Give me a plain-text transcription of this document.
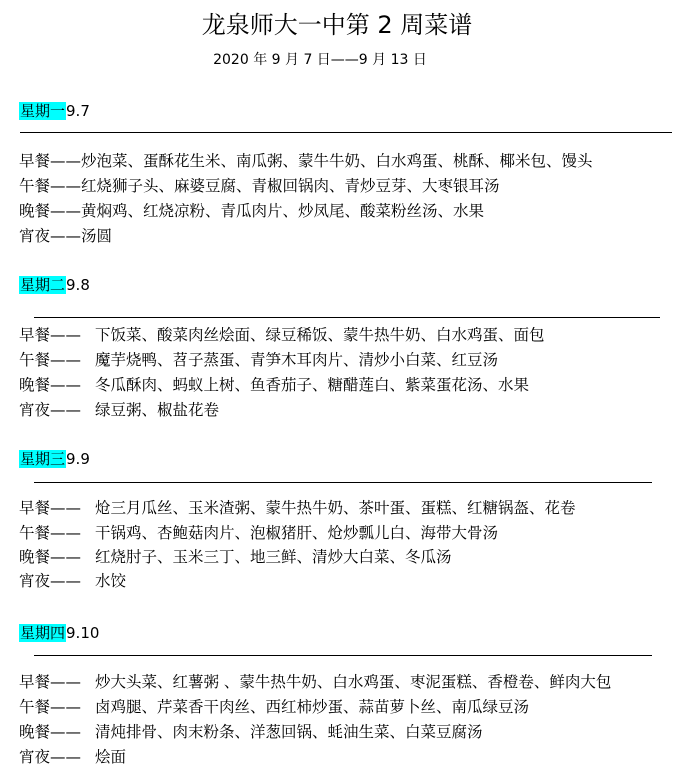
龙泉师大一中第 2 周菜谱
2020 年 9 月 7 日——9 月 13 日
星期一9.7
早餐——炒泡菜、蛋酥花生米、南瓜粥、蒙牛牛奶、白水鸡蛋、桃酥、椰米包、馒头
午餐——红烧狮子头、麻婆豆腐、青椒回锅肉、青炒豆芽、大枣银耳汤
晚餐——黄焖鸡、红烧凉粉、青瓜肉片、炒凤尾、酸菜粉丝汤、水果
宵夜——汤圆
星期二9.8
早餐—— 下饭菜、酸菜肉丝烩面、绿豆稀饭、蒙牛热牛奶、白水鸡蛋、面包
午餐—— 魔芋烧鸭、苕子蒸蛋、青笋木耳肉片、清炒小白菜、红豆汤
晚餐—— 冬瓜酥肉、蚂蚁上树、鱼香茄子、糖醋莲白、紫菜蛋花汤、水果
宵夜—— 绿豆粥、椒盐花卷
星期三9.9
早餐—— 炝三月瓜丝、玉米渣粥、蒙牛热牛奶、茶叶蛋、蛋糕、红糖锅盔、花卷
午餐—— 干锅鸡、杏鲍菇肉片、泡椒猪肝、炝炒瓢儿白、海带大骨汤
晚餐—— 红烧肘子、玉米三丁、地三鲜、清炒大白菜、冬瓜汤
宵夜—— 水饺
星期四9.10
早餐—— 炒大头菜、红薯粥 、蒙牛热牛奶、白水鸡蛋、枣泥蛋糕、香橙卷、鲜肉大包
午餐—— 卤鸡腿、芹菜香干肉丝、西红柿炒蛋、蒜苗萝卜丝、南瓜绿豆汤
晚餐—— 清炖排骨、肉末粉条、洋葱回锅、蚝油生菜、白菜豆腐汤
宵夜—— 烩面
